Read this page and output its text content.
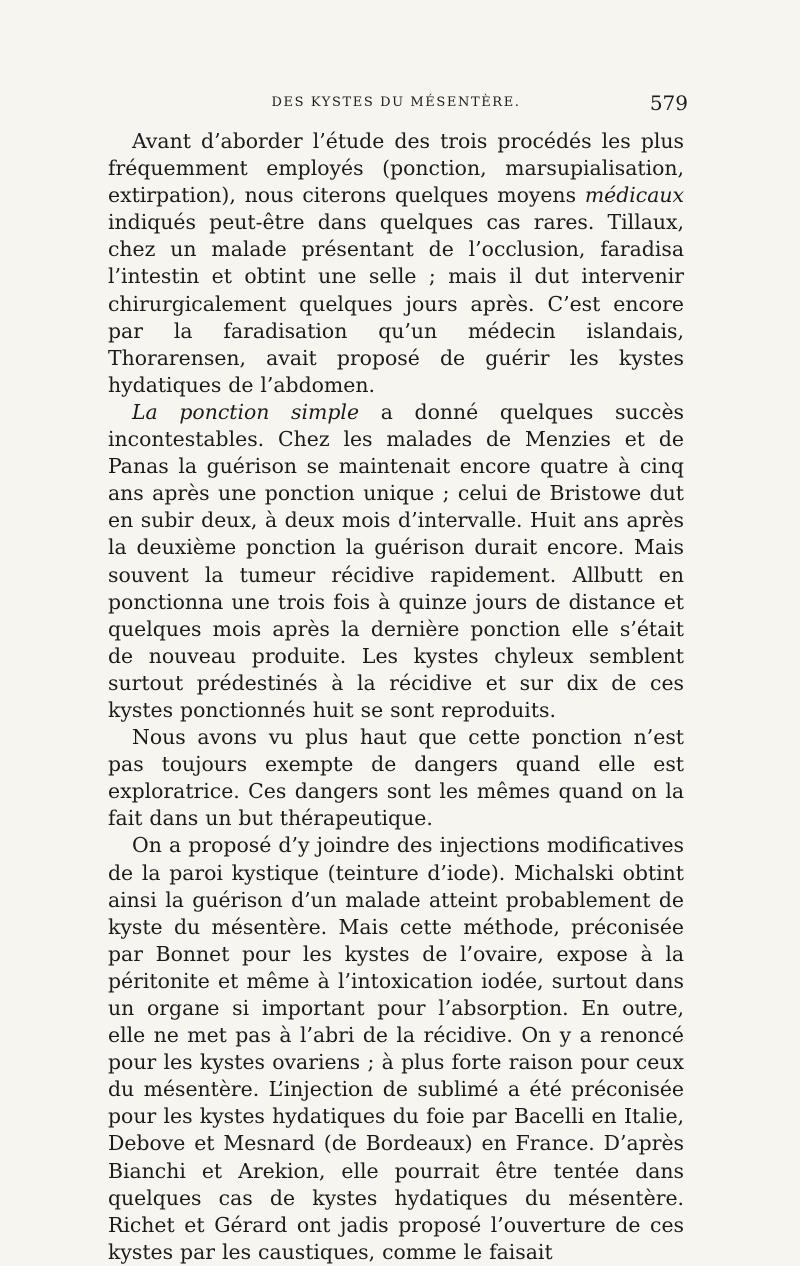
DES KYSTES DU MÉSENTÈRE.	579

Avant d’aborder l’étude des trois procédés les plus fréquemment employés (ponction, marsupialisation, extirpation), nous citerons quelques moyens médicaux indiqués peut-être dans quelques cas rares. Tillaux, chez un malade présentant de l’occlusion, faradisa l’intestin et obtint une selle ; mais il dut intervenir chirurgicalement quelques jours après. C’est encore par la faradisation qu’un médecin islandais, Thorarensen, avait proposé de guérir les kystes hydatiques de l’abdomen.

La ponction simple a donné quelques succès incontestables. Chez les malades de Menzies et de Panas la guérison se maintenait encore quatre à cinq ans après une ponction unique ; celui de Bristowe dut en subir deux, à deux mois d’intervalle. Huit ans après la deuxième ponction la guérison durait encore. Mais souvent la tumeur récidive rapidement. Allbutt en ponctionna une trois fois à quinze jours de distance et quelques mois après la dernière ponction elle s’était de nouveau produite. Les kystes chyleux semblent surtout prédestinés à la récidive et sur dix de ces kystes ponctionnés huit se sont reproduits.

Nous avons vu plus haut que cette ponction n’est pas toujours exempte de dangers quand elle est exploratrice. Ces dangers sont les mêmes quand on la fait dans un but thérapeutique.

On a proposé d’y joindre des injections modificatives de la paroi kystique (teinture d’iode). Michalski obtint ainsi la guérison d’un malade atteint probablement de kyste du mésentère. Mais cette méthode, préconisée par Bonnet pour les kystes de l’ovaire, expose à la péritonite et même à l’intoxication iodée, surtout dans un organe si important pour l’absorption. En outre, elle ne met pas à l’abri de la récidive. On y a renoncé pour les kystes ovariens ; à plus forte raison pour ceux du mésentère. L’injection de sublimé a été préconisée pour les kystes hydatiques du foie par Bacelli en Italie, Debove et Mesnard (de Bordeaux) en France. D’après Bianchi et Arekion, elle pourrait être tentée dans quelques cas de kystes hydatiques du mésentère. Richet et Gérard ont jadis proposé l’ouverture de ces kystes par les caustiques, comme le faisait
